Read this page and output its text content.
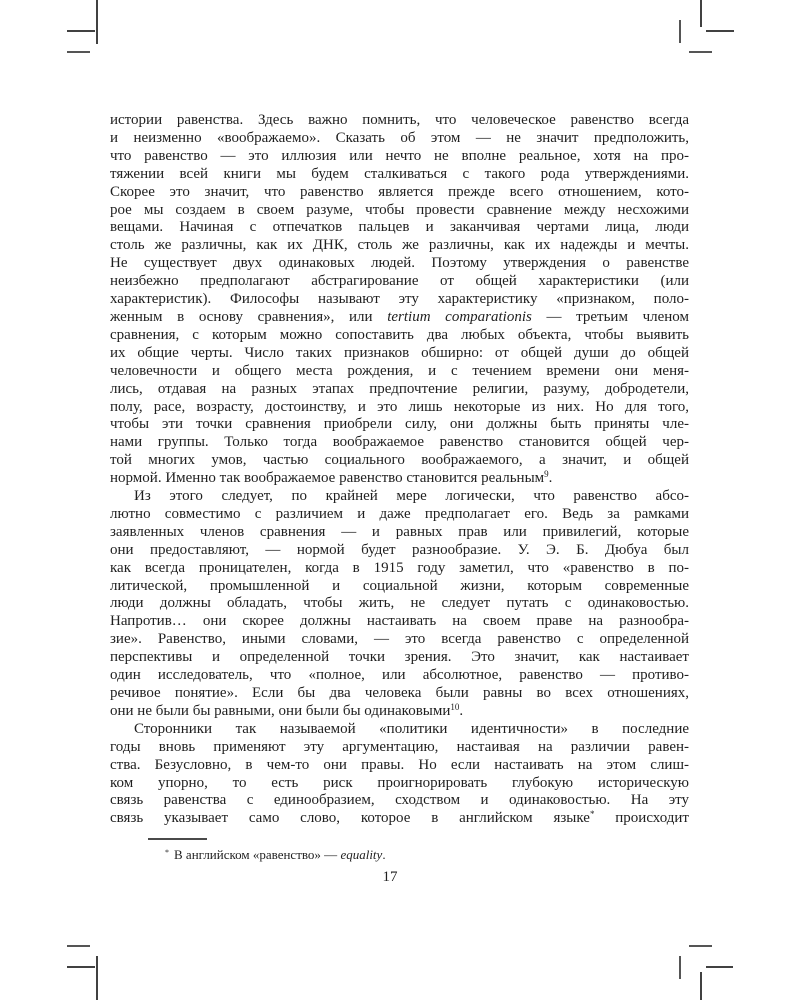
истории равенства. Здесь важно помнить, что человеческое равенство всегда
и неизменно «воображаемо». Сказать об этом — не значит предположить,
что равенство — это иллюзия или нечто не вполне реальное, хотя на про-
тяжении всей книги мы будем сталкиваться с такого рода утверждениями.
Скорее это значит, что равенство является прежде всего отношением, кото-
рое мы создаем в своем разуме, чтобы провести сравнение между несхожими
вещами. Начиная с отпечатков пальцев и заканчивая чертами лица, люди
столь же различны, как их ДНК, столь же различны, как их надежды и мечты.
Не существует двух одинаковых людей. Поэтому утверждения о равенстве
неизбежно предполагают абстрагирование от общей характеристики (или
характеристик). Философы называют эту характеристику «признаком, поло-
женным в основу сравнения», или tertium comparationis — третьим членом
сравнения, с которым можно сопоставить два любых объекта, чтобы выявить
их общие черты. Число таких признаков обширно: от общей души до общей
человечности и общего места рождения, и с течением времени они меня-
лись, отдавая на разных этапах предпочтение религии, разуму, добродетели,
полу, расе, возрасту, достоинству, и это лишь некоторые из них. Но для того,
чтобы эти точки сравнения приобрели силу, они должны быть приняты чле-
нами группы. Только тогда воображаемое равенство становится общей чер-
той многих умов, частью социального воображаемого, а значит, и общей
нормой. Именно так воображаемое равенство становится реальным$^9$.
Из этого следует, по крайней мере логически, что равенство абсо-
лютно совместимо с различием и даже предполагает его. Ведь за рамками
заявленных членов сравнения — и равных прав или привилегий, которые
они предоставляют, — нормой будет разнообразие. У. Э. Б. Дюбуа был
как всегда проницателен, когда в 1915 году заметил, что «равенство в по-
литической, промышленной и социальной жизни, которым современные
люди должны обладать, чтобы жить, не следует путать с одинаковостью.
Напротив… они скорее должны настаивать на своем праве на разнообра-
зие». Равенство, иными словами, — это всегда равенство с определенной
перспективы и определенной точки зрения. Это значит, как настаивает
один исследователь, что «полное, или абсолютное, равенство — противо-
речивое понятие». Если бы два человека были равны во всех отношениях,
они не были бы равными, они были бы одинаковыми$^{10}$.
Сторонники так называемой «политики идентичности» в последние
годы вновь применяют эту аргументацию, настаивая на различии равен-
ства. Безусловно, в чем-то они правы. Но если настаивать на этом слиш-
ком упорно, то есть риск проигнорировать глубокую историческую
связь равенства с единообразием, сходством и одинаковостью. На эту
связь указывает само слово, которое в английском языке* происходит
* В английском «равенство» — equality.
17
